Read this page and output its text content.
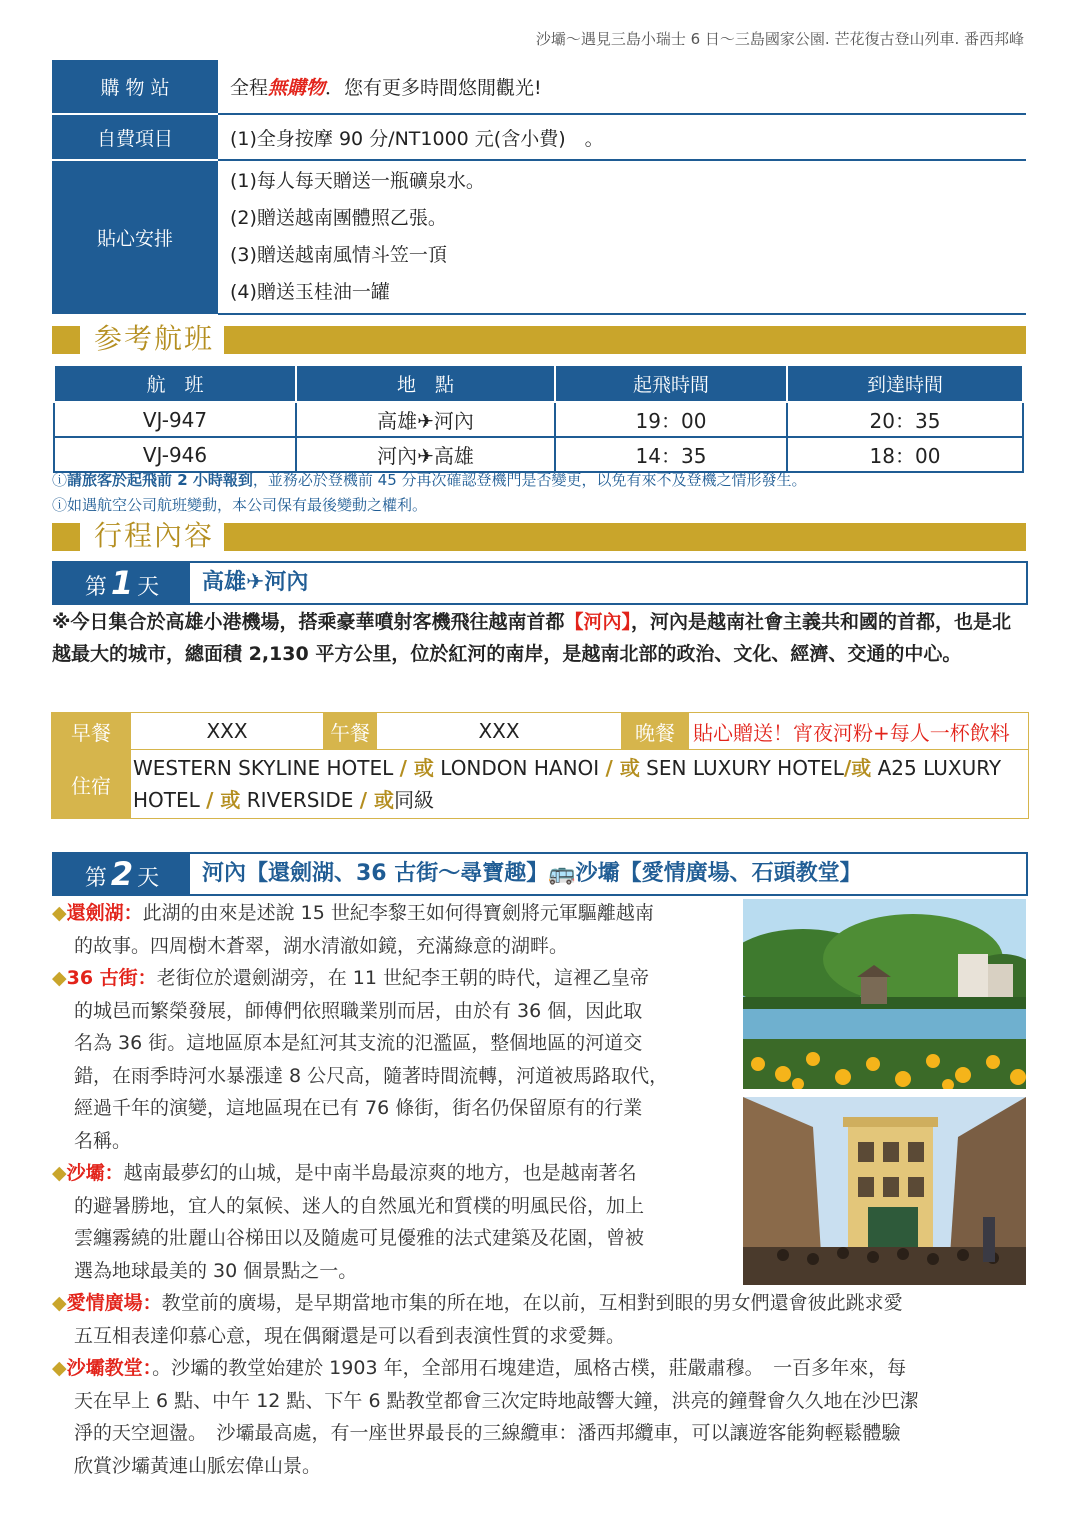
沙壩～遇見三島小瑞士 6 日～三島國家公園. 芒花復古登山列車. 番西邦峰
購 物 站	全程無購物．您有更多時間悠閒觀光!
自費項目	(1)全身按摩 90 分/NT1000 元(含小費)　。
貼心安排	(1)每人每天贈送一瓶礦泉水。
(2)贈送越南團體照乙張。
(3)贈送越南風情斗笠一頂
(4)贈送玉桂油一罐
参考航班
航　班	地　點	起飛時間	到達時間
VJ-947	高雄✈河內	19：00	20：35
VJ-946	河內✈高雄	14：35	18：00
ⓘ請旅客於起飛前 2 小時報到，並務必於登機前 45 分再次確認登機門是否變更，以免有來不及登機之情形發生。
ⓘ如遇航空公司航班變動，本公司保有最後變動之權利。
行程內容
第 1 天	高雄✈河內
※今日集合於高雄小港機場，搭乘豪華噴射客機飛往越南首都【河內】，河內是越南社會主義共和國的首都，也是北越最大的城市，總面積 2,130 平方公里，位於紅河的南岸，是越南北部的政治、文化、經濟、交通的中心。
早餐	XXX	午餐	XXX	晚餐	貼心贈送！宵夜河粉+每人一杯飲料
住宿	WESTERN SKYLINE HOTEL / 或 LONDON HANOI / 或 SEN LUXURY HOTEL/或 A25 LUXURY HOTEL / 或 RIVERSIDE / 或同級				
第 2 天	河內【還劍湖、36 古街～尋寶趣】🚌沙壩【愛情廣場、石頭教堂】
◆還劍湖：此湖的由來是述說 15 世紀李黎王如何得寶劍將元軍驅離越南
的故事。四周樹木蒼翠，湖水清澈如鏡，充滿綠意的湖畔。
◆36 古街：老街位於還劍湖旁，在 11 世紀李王朝的時代，這裡乙皇帝
的城邑而繁榮發展，師傅們依照職業別而居，由於有 36 個，因此取
名為 36 街。這地區原本是紅河其支流的氾濫區，整個地區的河道交
錯，在雨季時河水暴漲達 8 公尺高，隨著時間流轉，河道被馬路取代，
經過千年的演變，這地區現在已有 76 條街，街名仍保留原有的行業
名稱。
◆沙壩：越南最夢幻的山城，是中南半島最涼爽的地方，也是越南著名
的避暑勝地，宜人的氣候、迷人的自然風光和質樸的明風民俗，加上
雲纏霧繞的壯麗山谷梯田以及隨處可見優雅的法式建築及花園，曾被
選為地球最美的 30 個景點之一。
◆愛情廣場：教堂前的廣場，是早期當地市集的所在地，在以前，互相對到眼的男女們還會彼此跳求愛
五互相表達仰慕心意，現在偶爾還是可以看到表演性質的求愛舞。
◆沙壩教堂：。沙壩的教堂始建於 1903 年，全部用石塊建造，風格古樸，莊嚴肅穆。　一百多年來，每
天在早上 6 點、中午 12 點、下午 6 點教堂都會三次定時地敲響大鐘，洪亮的鐘聲會久久地在沙巴潔
淨的天空迴盪。　沙壩最高處，有一座世界最長的三線纜車：潘西邦纜車，可以讓遊客能夠輕鬆體驗
欣賞沙壩黃連山脈宏偉山景。
